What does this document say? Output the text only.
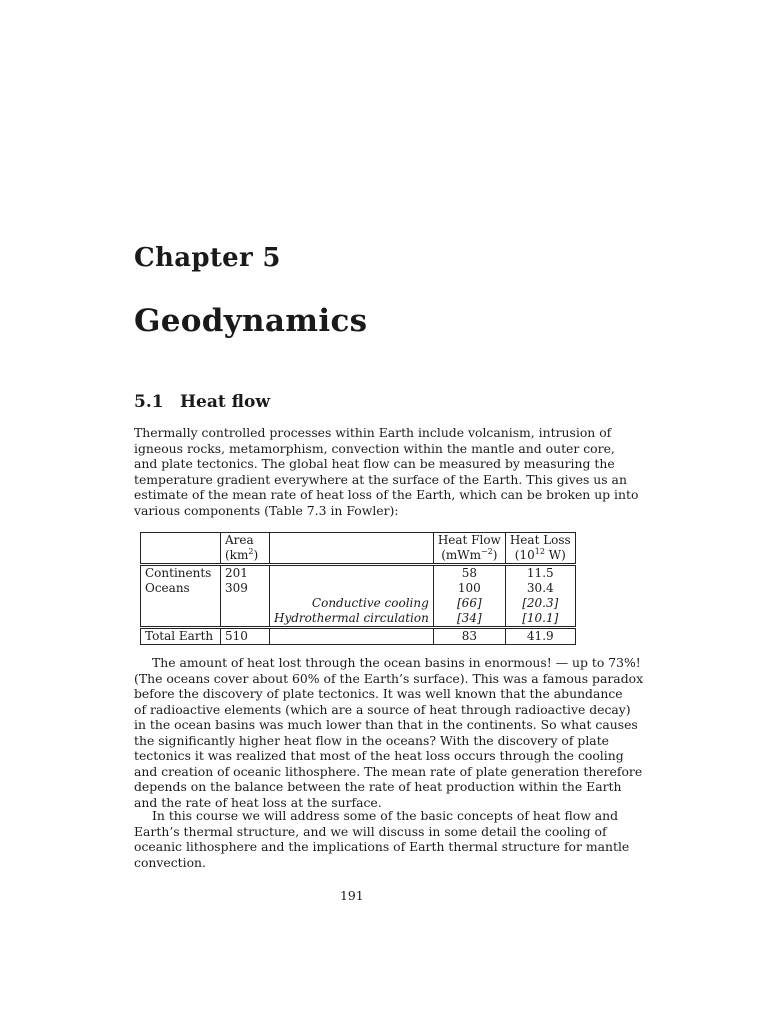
Chapter 5
Geodynamics
5.1 Heat flow
Thermally controlled processes within Earth include volcanism, intrusion of
igneous rocks, metamorphism, convection within the mantle and outer core,
and plate tectonics. The global heat flow can be measured by measuring the
temperature gradient everywhere at the surface of the Earth. This gives us an
estimate of the mean rate of heat loss of the Earth, which can be broken up into
various components (Table 7.3 in Fowler):
	Area		Heat Flow	Heat Loss
	$(km^2)$		(mWm$^{-2}$)	($10^{12}$ W)
Continents	201		58	11.5
Oceans	309		100	30.4
		Conductive cooling	[66]	[20.3]
		Hydrothermal circulation	[34]	[10.1]
Total Earth	510		83	41.9
The amount of heat lost through the ocean basins in enormous! — up to 73%!
(The oceans cover about 60% of the Earth’s surface). This was a famous paradox
before the discovery of plate tectonics. It was well known that the abundance
of radioactive elements (which are a source of heat through radioactive decay)
in the ocean basins was much lower than that in the continents. So what causes
the significantly higher heat flow in the oceans? With the discovery of plate
tectonics it was realized that most of the heat loss occurs through the cooling
and creation of oceanic lithosphere. The mean rate of plate generation therefore
depends on the balance between the rate of heat production within the Earth
and the rate of heat loss at the surface.
In this course we will address some of the basic concepts of heat flow and
Earth’s thermal structure, and we will discuss in some detail the cooling of
oceanic lithosphere and the implications of Earth thermal structure for mantle
convection.
191
